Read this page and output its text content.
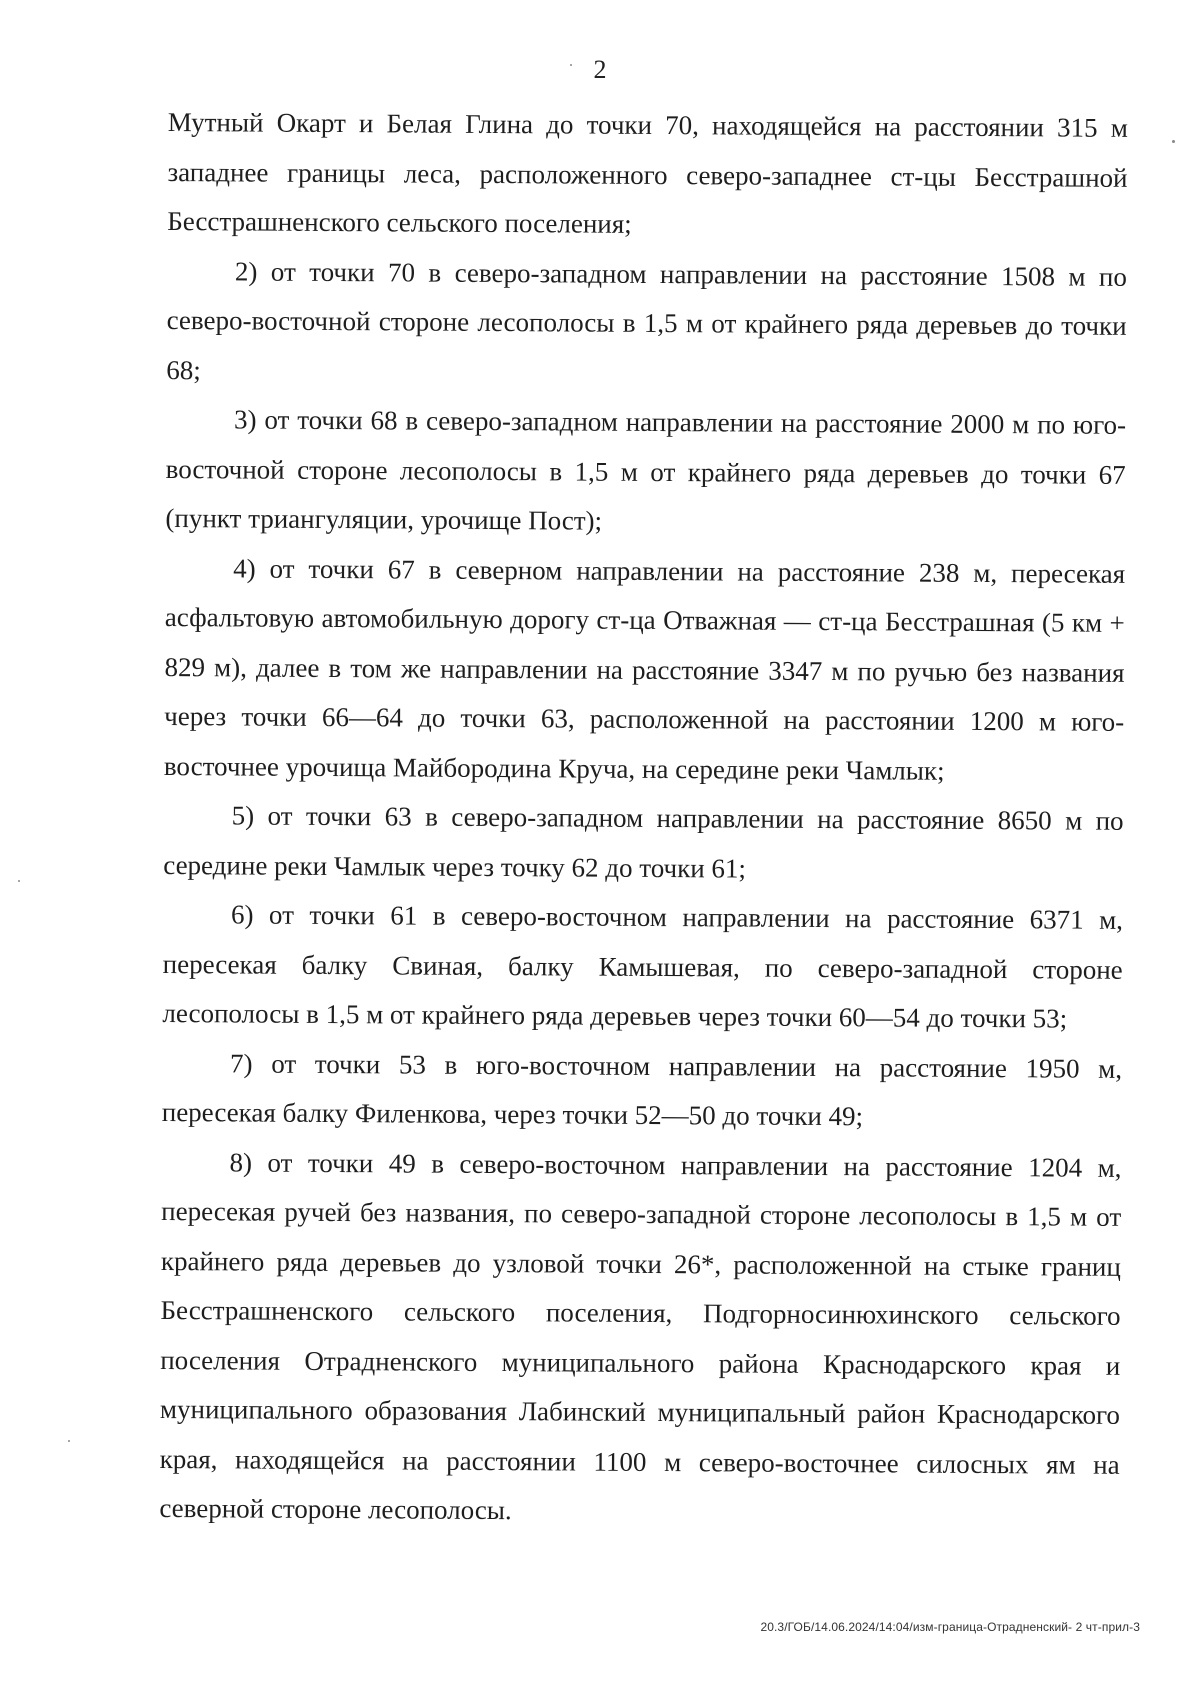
2

Мутный Окарт и Белая Глина до точки 70, находящейся на расстоянии 315 м западнее границы леса, расположенного северо-западнее ст-цы Бесстрашной Бесстрашненского сельского поселения;

2) от точки 70 в северо-западном направлении на расстояние 1508 м по северо-восточной стороне лесополосы в 1,5 м от крайнего ряда деревьев до точки 68;

3) от точки 68 в северо-западном направлении на расстояние 2000 м по юго-восточной стороне лесополосы в 1,5 м от крайнего ряда деревьев до точки 67 (пункт триангуляции, урочище Пост);

4) от точки 67 в северном направлении на расстояние 238 м, пересекая асфальтовую автомобильную дорогу ст-ца Отважная — ст-ца Бесстрашная (5 км + 829 м), далее в том же направлении на расстояние 3347 м по ручью без названия через точки 66—64 до точки 63, расположенной на расстоянии 1200 м юго-восточнее урочища Майбородина Круча, на середине реки Чамлык;

5) от точки 63 в северо-западном направлении на расстояние 8650 м по середине реки Чамлык через точку 62 до точки 61;

6) от точки 61 в северо-восточном направлении на расстояние 6371 м, пересекая балку Свиная, балку Камышевая, по северо-западной стороне лесополосы в 1,5 м от крайнего ряда деревьев через точки 60—54 до точки 53;

7) от точки 53 в юго-восточном направлении на расстояние 1950 м, пересекая балку Филенкова, через точки 52—50 до точки 49;

8) от точки 49 в северо-восточном направлении на расстояние 1204 м, пересекая ручей без названия, по северо-западной стороне лесополосы в 1,5 м от крайнего ряда деревьев до узловой точки 26*, расположенной на стыке границ Бесстрашненского сельского поселения, Подгорносинюхинского сельского поселения Отрадненского муниципального района Краснодарского края и муниципального образования Лабинский муниципальный район Краснодарского края, находящейся на расстоянии 1100 м северо-восточнее силосных ям на северной стороне лесополосы.

20.3/ГОБ/14.06.2024/14:04/изм-граница-Отрадненский- 2 чт-прил-3
